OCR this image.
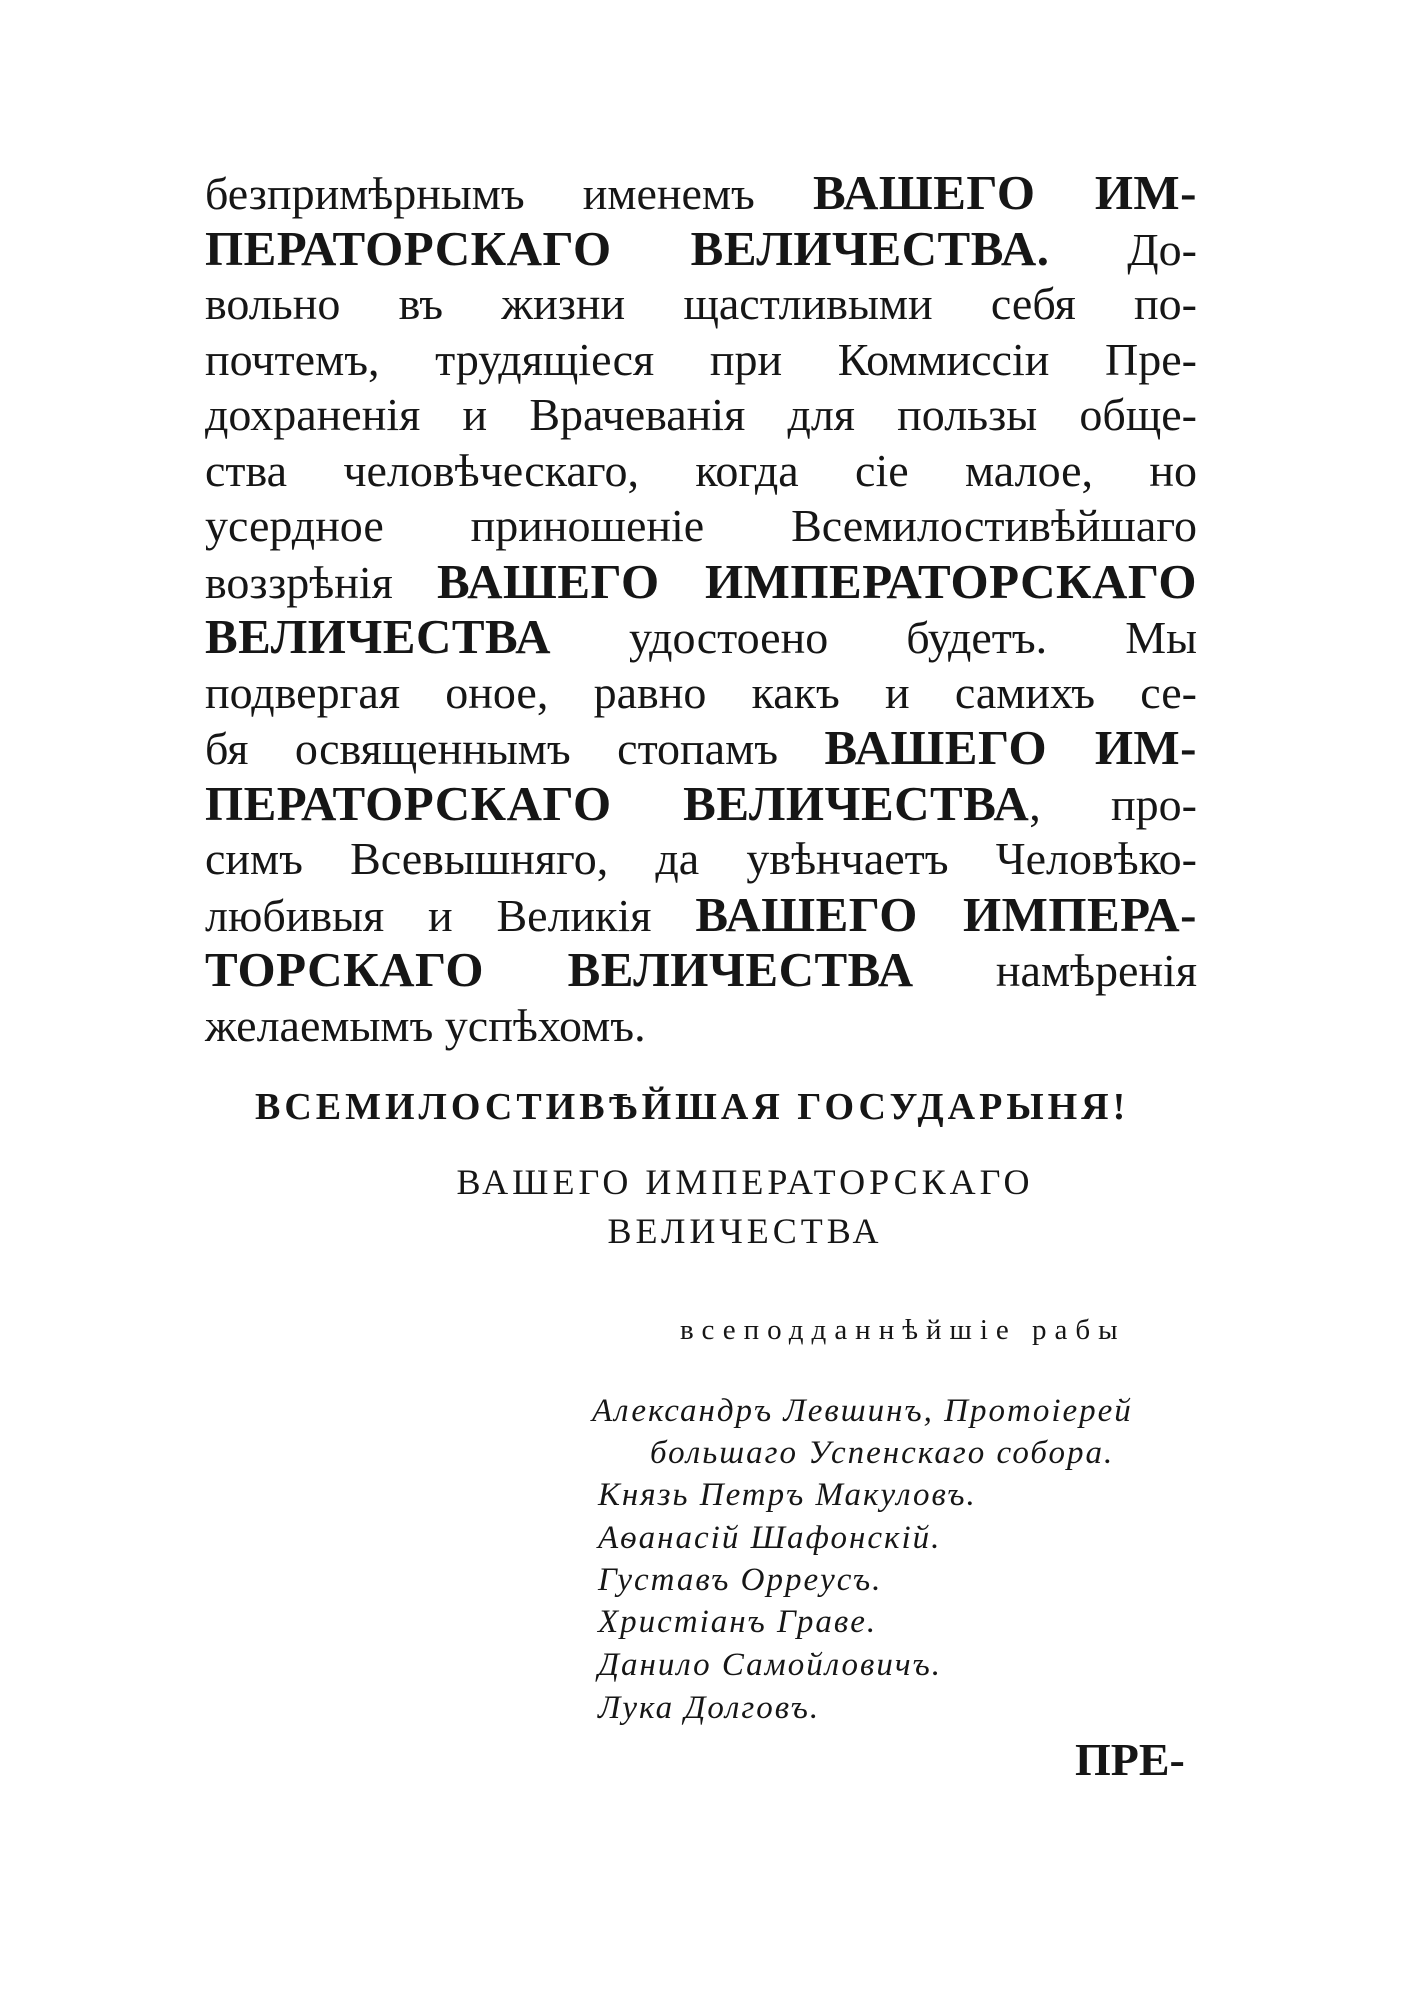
безпримѣрнымъ именемъ ВАШЕГО ИМ-
ПЕРАТОРСКАГО ВЕЛИЧЕСТВА. До-
вольно въ жизни щастливыми себя по-
почтемъ, трудящіеся при Коммиссіи Пре-
дохраненія и Врачеванія для пользы обще-
ства человѣческаго, когда сіе малое, но
усердное приношеніе Всемилостивѣйшаго
воззрѣнія ВАШЕГО ИМПЕРАТОРСКАГО
ВЕЛИЧЕСТВА удостоено будетъ. Мы
подвергая оное, равно какъ и самихъ се-
бя освященнымъ стопамъ ВАШЕГО ИМ-
ПЕРАТОРСКАГО ВЕЛИЧЕСТВА, про-
симъ Всевышняго, да увѣнчаетъ Человѣко-
любивыя и Великія ВАШЕГО ИМПЕРА-
ТОРСКАГО ВЕЛИЧЕСТВА намѣренія
желаемымъ успѣхомъ.
ВСЕМИЛОСТИВѢЙШАЯ ГОСУДАРЫНЯ!
ВАШЕГО ИМПЕРАТОРСКАГО
ВЕЛИЧЕСТВА
всеподданнѣйшіе рабы
Александръ Левшинъ, Протоіерей
большаго Успенскаго собора.
Князь Петръ Макуловъ.
Аѳанасій Шафонскій.
Густавъ Орреусъ.
Христіанъ Граве.
Данило Самойловичъ.
Лука Долговъ.
ПРЕ-
